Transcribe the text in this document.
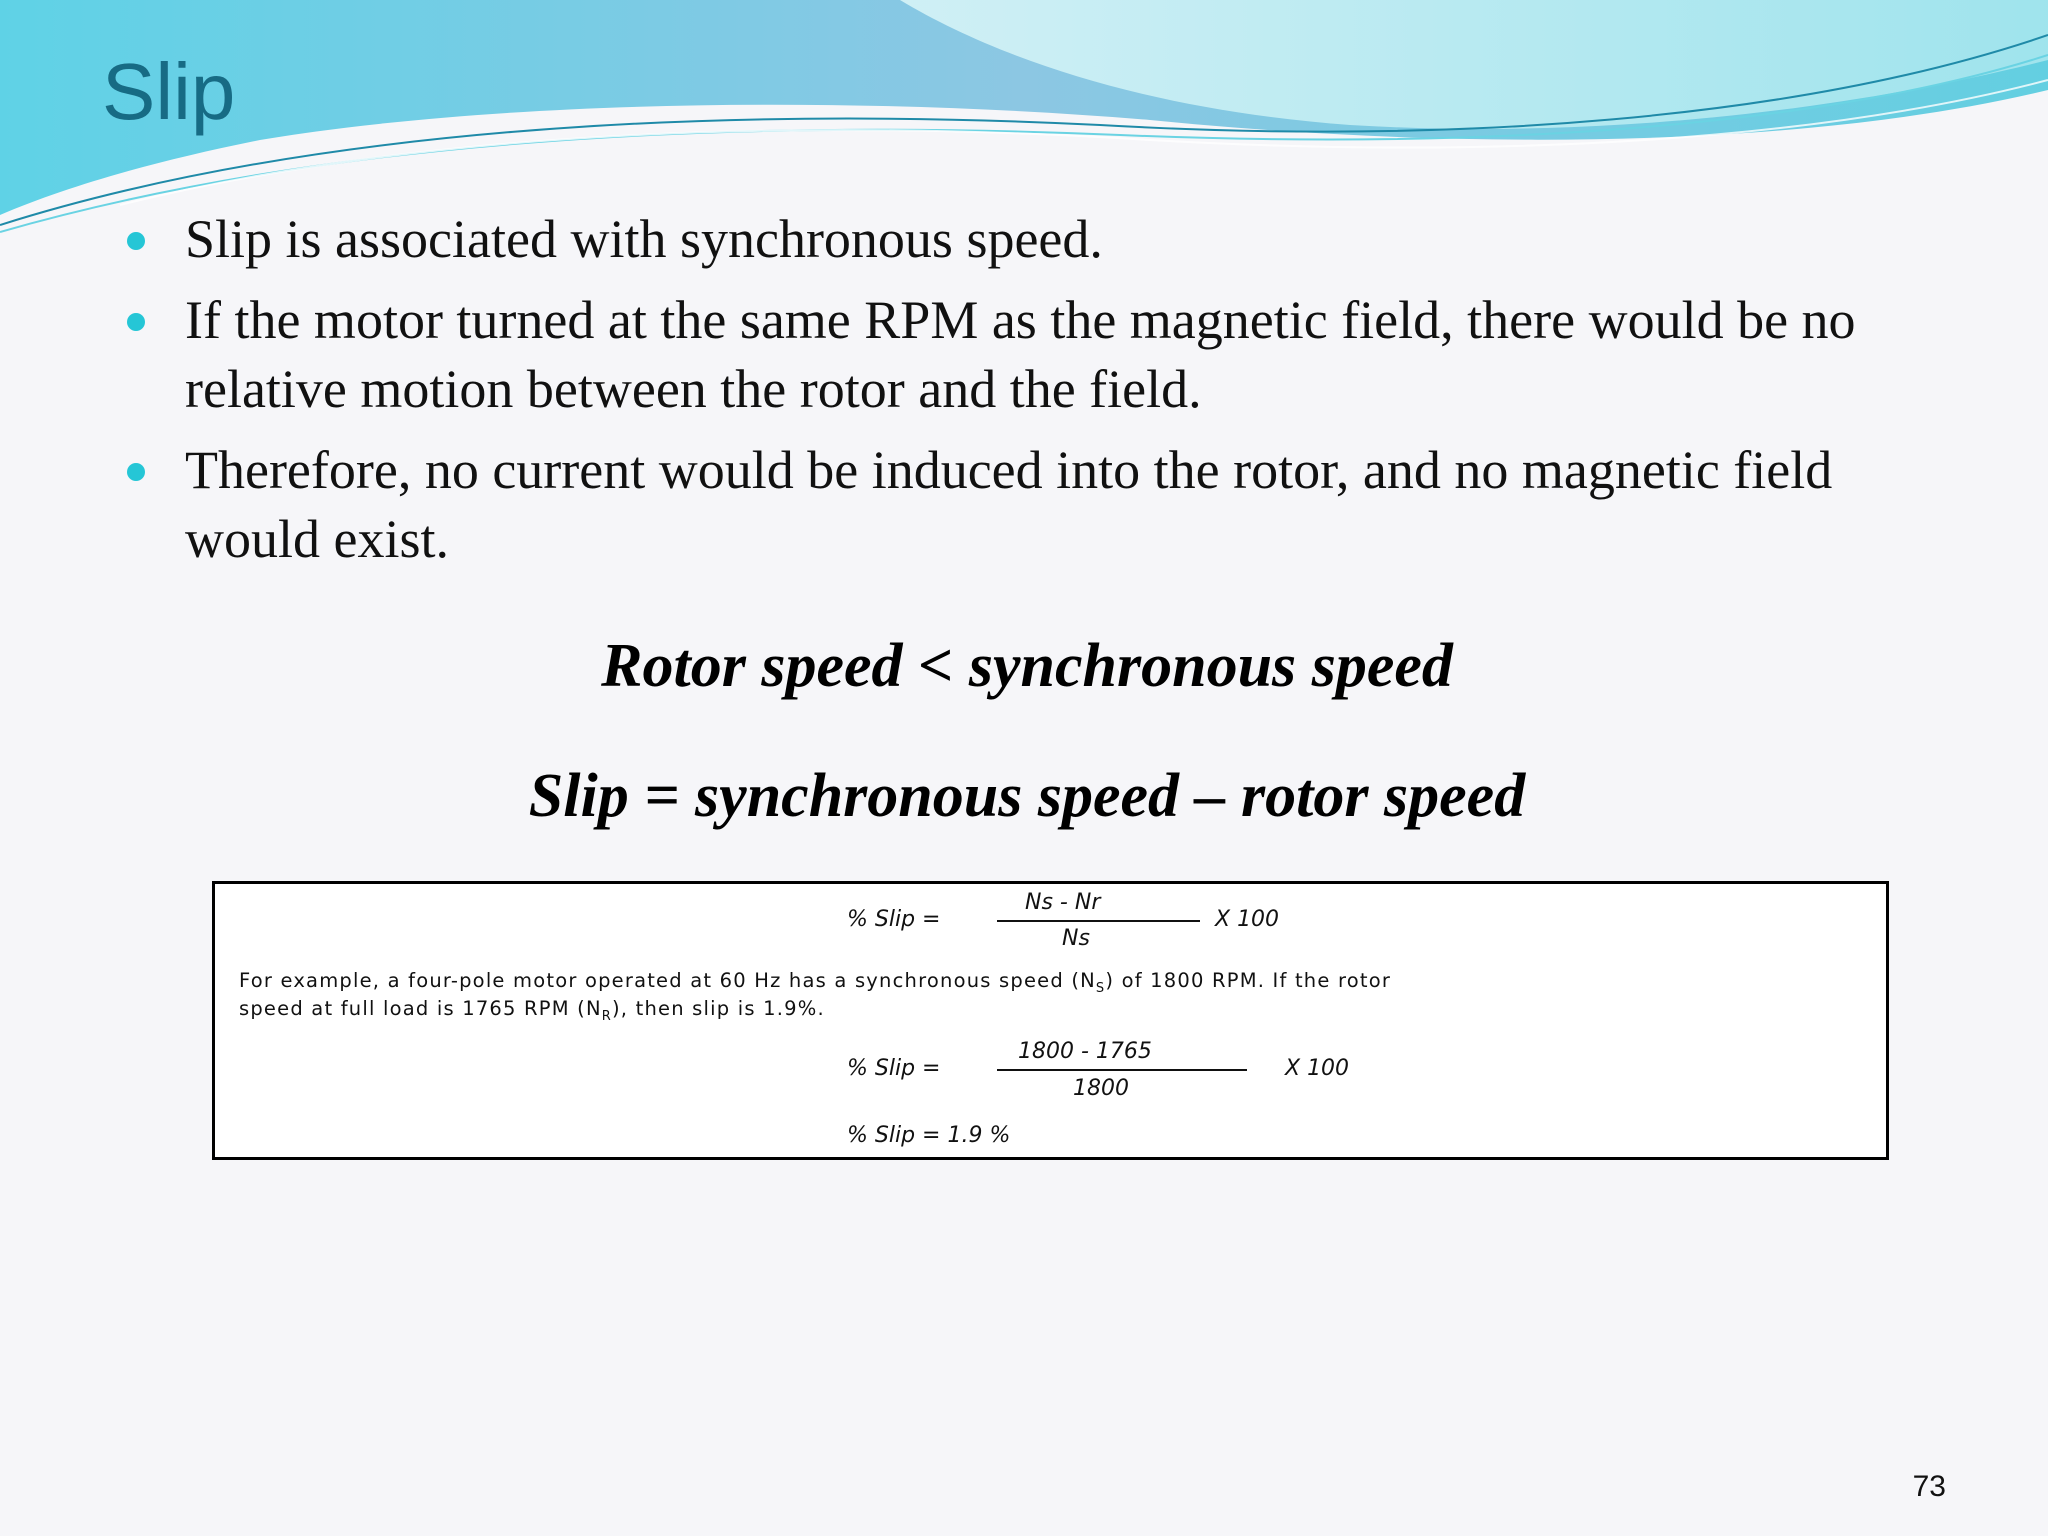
Slip
Slip is associated with synchronous speed.
If the motor turned at the same RPM as the magnetic field, there would be no relative motion between the rotor and the field.
Therefore, no current would be induced into the rotor, and no magnetic field would exist.
Rotor speed < synchronous speed
Slip = synchronous speed – rotor speed
% Slip =
Ns - Nr
Ns
X 100

For example, a four-pole motor operated at 60 Hz has a synchronous speed $(N_S)$ of 1800 RPM. If the rotor
speed at full load is 1765 RPM $(N_R)$, then slip is 1.9%.

% Slip =
1800 - 1765
1800
X 100
% Slip = 1.9 %
73
